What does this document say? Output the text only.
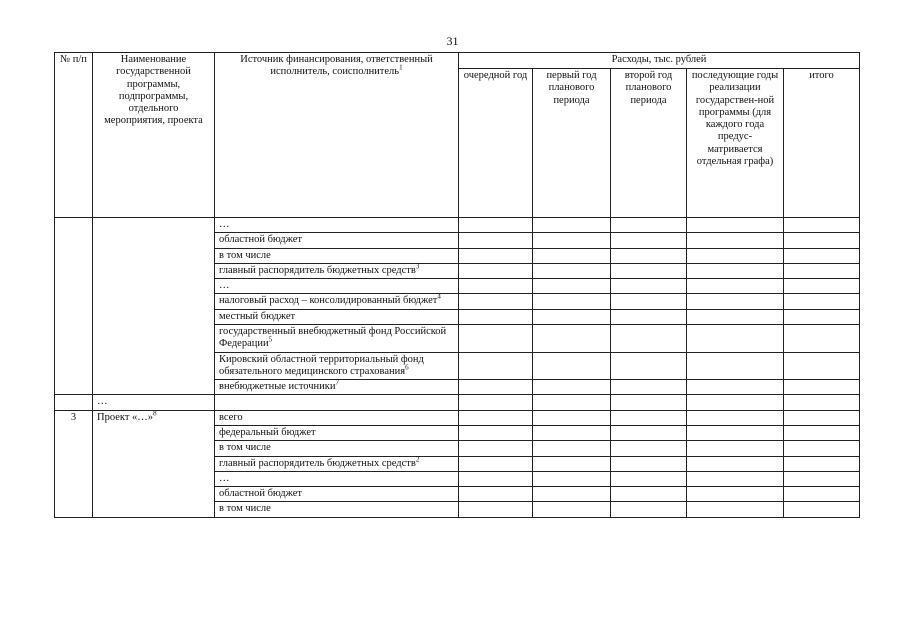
31
№ п/п	Наименование государственной программы, подпрограммы, отдельного мероприятия, проекта	Источник финансирования, ответственный исполнитель, соисполнитель$^1$	Расходы, тыс. рублей				
			очередной год	первый год планового периода	второй год планового периода	последующие годы реализации государствен-ной программы (для каждого года предус-матривается отдельная графа)	итого
		…					
		областной бюджет					
		в том числе					
		главный распорядитель бюджетных средств$^3$					
		…					
		налоговый расход – консолидированный бюджет$^4$					
		местный бюджет					
		государственный внебюджетный фонд Российской Федерации$^5$					
		Кировский областной территориальный фонд обязательного медицинского страхования$^6$					
		внебюджетные источники$^7$					
	…						
3	Проект «…»$^8$	всего					
		федеральный бюджет					
		в том числе					
		главный распорядитель бюджетных средств$^2$					
		…					
		областной бюджет					
		в том числе					
